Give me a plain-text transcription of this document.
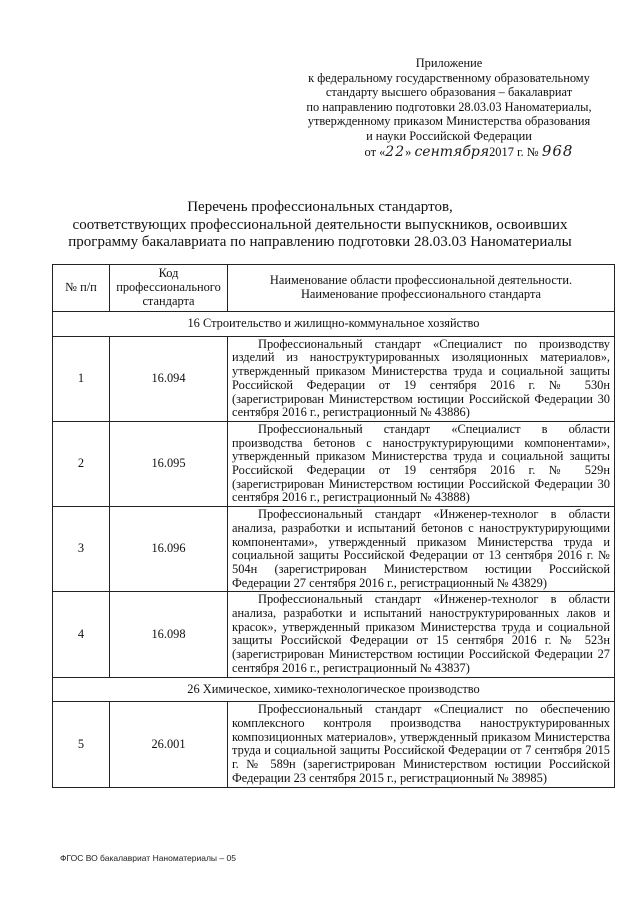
Приложение
к федеральному государственному образовательному
стандарту высшего образования – бакалавриат
по направлению подготовки 28.03.03 Наноматериалы,
утвержденному приказом Министерства образования
и науки Российской Федерации
от «22» сентября2017 г. № 968
Перечень профессиональных стандартов,
соответствующих профессиональной деятельности выпускников, освоивших
программу бакалавриата по направлению подготовки 28.03.03 Наноматериалы
№ п/п	Код профессионального стандарта	Наименование области профессиональной деятельности.
Наименование профессионального стандарта

16 Строительство и жилищно-коммунальное хозяйство		
1	16.094	Профессиональный стандарт «Специалист по производству изделий из наноструктурированных изоляционных материалов», утвержденный приказом Министерства труда и социальной защиты Российской Федерации от 19 сентября 2016 г. № 530н (зарегистрирован Министерством юстиции Российской Федерации 30 сентября 2016 г., регистрационный № 43886)

2	16.095	Профессиональный стандарт «Специалист в области производства бетонов с наноструктурирующими компонентами», утвержденный приказом Министерства труда и социальной защиты Российской Федерации от 19 сентября 2016 г. № 529н (зарегистрирован Министерством юстиции Российской Федерации 30 сентября 2016 г., регистрационный № 43888)

3	16.096	Профессиональный стандарт «Инженер-технолог в области анализа, разработки и испытаний бетонов с наноструктурирующими компонентами», утвержденный приказом Министерства труда и социальной защиты Российской Федерации от 13 сентября 2016 г. № 504н (зарегистрирован Министерством юстиции Российской Федерации 27 сентября 2016 г., регистрационный № 43829)

4	16.098	Профессиональный стандарт «Инженер-технолог в области анализа, разработки и испытаний наноструктурированных лаков и красок», утвержденный приказом Министерства труда и социальной защиты Российской Федерации от 15 сентября 2016 г. № 523н (зарегистрирован Министерством юстиции Российской Федерации 27 сентября 2016 г., регистрационный № 43837)

26 Химическое, химико-технологическое производство		
5	26.001	Профессиональный стандарт «Специалист по обеспечению комплексного контроля производства наноструктурированных композиционных материалов», утвержденный приказом Министерства труда и социальной защиты Российской Федерации от 7 сентября 2015 г. № 589н (зарегистрирован Министерством юстиции Российской Федерации 23 сентября 2015 г., регистрационный № 38985)
ФГОС ВО бакалавриат Наноматериалы – 05
